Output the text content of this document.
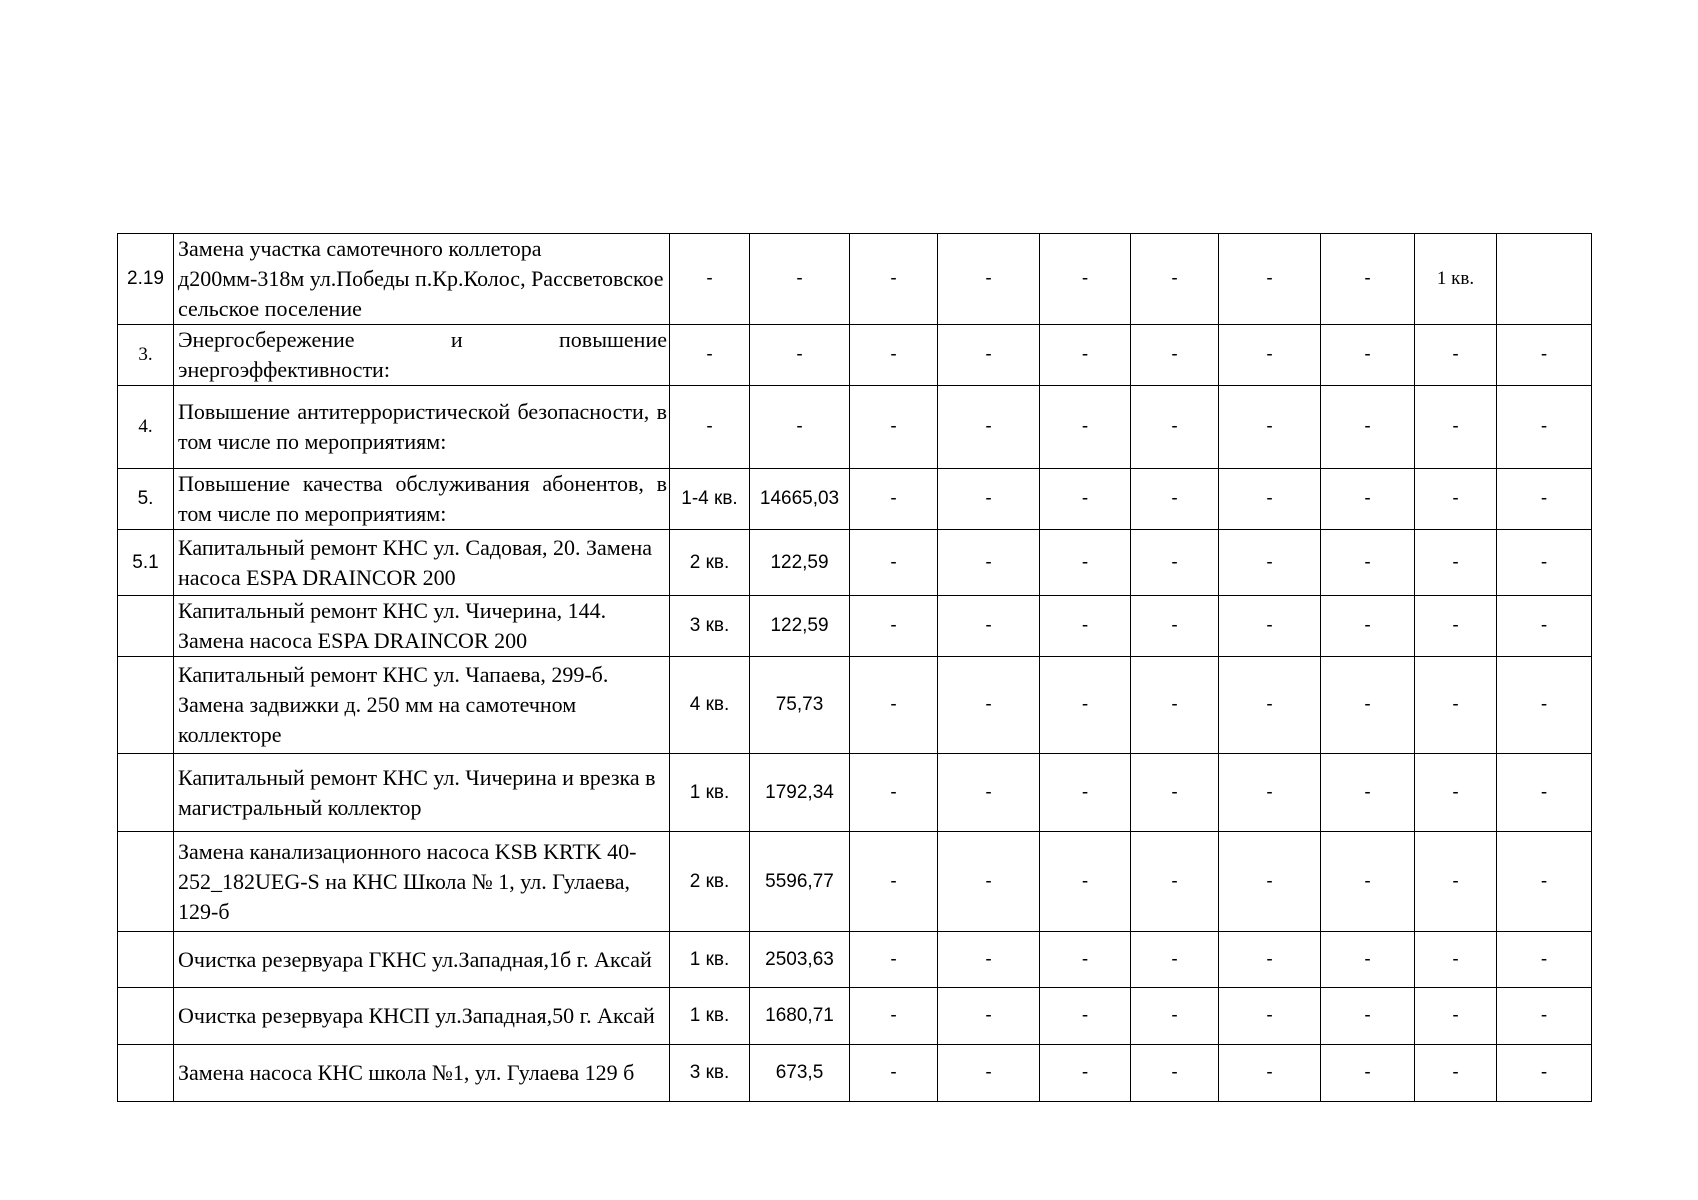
2.19	Замена участка самотечного коллетора д200мм-318м ул.Победы п.Кр.Колос, Рассветовское сельское поселение	-	-	-	-	-	-	-	-	1 кв.	
3.	Энергосбережение и повышение энергоэффективности:	-	-	-	-	-	-	-	-	-	-
4.	Повышение антитеррористической безопасности, в том числе по мероприятиям:	-	-	-	-	-	-	-	-	-	-
5.	Повышение качества обслуживания абонентов, в том числе по мероприятиям:	1-4 кв.	14665,03	-	-	-	-	-	-	-	-
5.1	Капитальный ремонт КНС ул. Садовая, 20. Замена насоса ESPA DRAINCOR 200	2 кв.	122,59	-	-	-	-	-	-	-	-
	Капитальный ремонт КНС ул. Чичерина, 144. Замена насоса ESPA DRAINCOR 200	3 кв.	122,59	-	-	-	-	-	-	-	-
	Капитальный ремонт КНС ул. Чапаева, 299-б. Замена задвижки д. 250 мм на самотечном коллекторе	4 кв.	75,73	-	-	-	-	-	-	-	-
	Капитальный ремонт КНС ул. Чичерина и врезка в магистральный коллектор	1 кв.	1792,34	-	-	-	-	-	-	-	-
	Замена канализационного насоса KSB KRTK 40-252_182UEG-S на КНС Школа № 1, ул. Гулаева, 129-б	2 кв.	5596,77	-	-	-	-	-	-	-	-
	Очистка резервуара ГКНС ул.Западная,1б г. Аксай	1 кв.	2503,63	-	-	-	-	-	-	-	-
	Очистка резервуара КНСП ул.Западная,50 г. Аксай	1 кв.	1680,71	-	-	-	-	-	-	-	-
	Замена насоса КНС школа №1, ул. Гулаева 129 б	3 кв.	673,5	-	-	-	-	-	-	-	-
